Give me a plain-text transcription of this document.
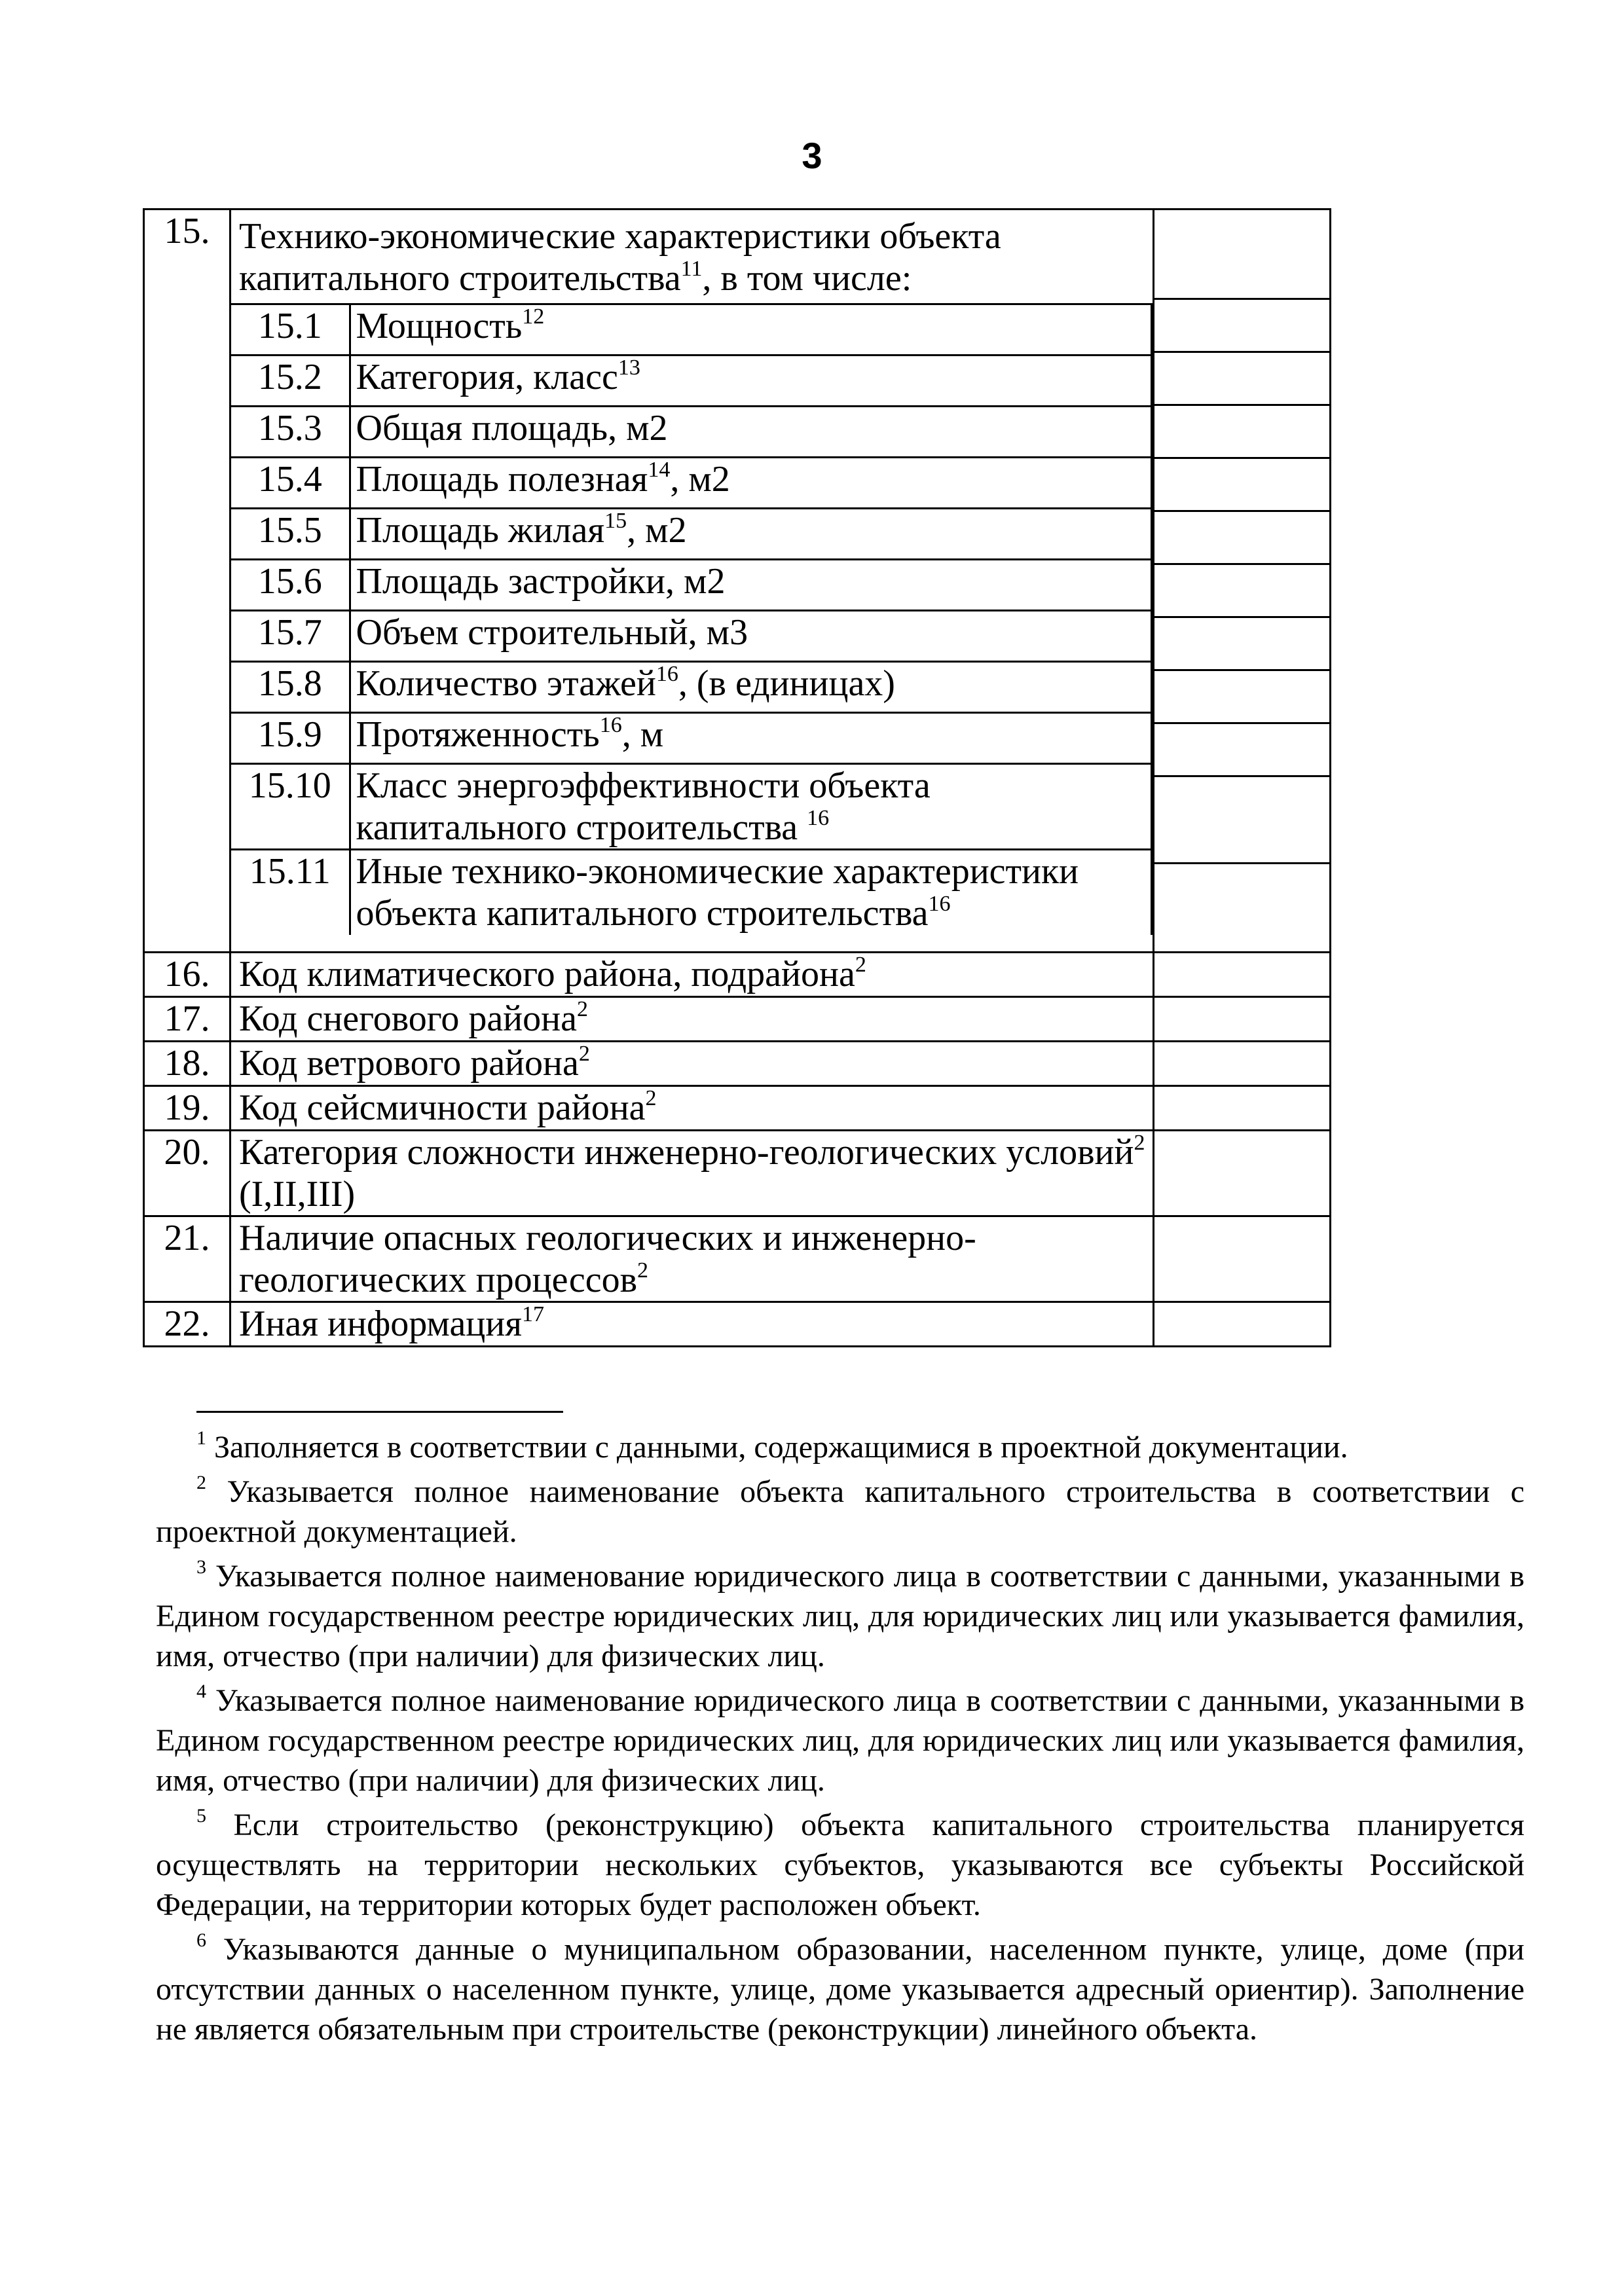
3
15.	Технико-экономические характеристики объекта капитального строительства$^{11}$, в том числе:
15.1	Мощность$^{12}$
15.2	Категория, класс$^{13}$
15.3	Общая площадь, м2
15.4	Площадь полезная$^{14}$, м2
15.5	Площадь жилая$^{15}$, м2
15.6	Площадь застройки, м2
15.7	Объем строительный, м3
15.8	Количество этажей$^{16}$, (в единицах)
15.9	Протяженность$^{16}$, м
15.10	Класс энергоэффективности объекта капитального строительства $^{16}$
15.11	Иные технико-экономические характеристики объекта капитального строительства$^{16}$

16.	Код климатического района, подрайона$^2$	
17.	Код снегового района$^2$	
18.	Код ветрового района$^2$	
19.	Код сейсмичности района$^2$	
20.	Категория сложности инженерно-геологических условий$^2$ (I,II,III)	
21.	Наличие опасных геологических и инженерно-геологических процессов$^2$	
22.	Иная информация$^{17}$	

$^1$ Заполняется в соответствии с данными, содержащимися в проектной документации.

$^2$ Указывается полное наименование объекта капитального строительства в соответствии с проектной документацией.

$^3$ Указывается полное наименование юридического лица в соответствии с данными, указанными в Едином государственном реестре юридических лиц, для юридических лиц или указывается фамилия, имя, отчество (при наличии) для физических лиц.

$^4$ Указывается полное наименование юридического лица в соответствии с данными, указанными в Едином государственном реестре юридических лиц, для юридических лиц или указывается фамилия, имя, отчество (при наличии) для физических лиц.

$^5$ Если строительство (реконструкцию) объекта капитального строительства планируется осуществлять на территории нескольких субъектов, указываются все субъекты Российской Федерации, на территории которых будет расположен объект.

$^6$ Указываются данные о муниципальном образовании, населенном пункте, улице, доме (при отсутствии данных о населенном пункте, улице, доме указывается адресный ориентир). Заполнение не является обязательным при строительстве (реконструкции) линейного объекта.
